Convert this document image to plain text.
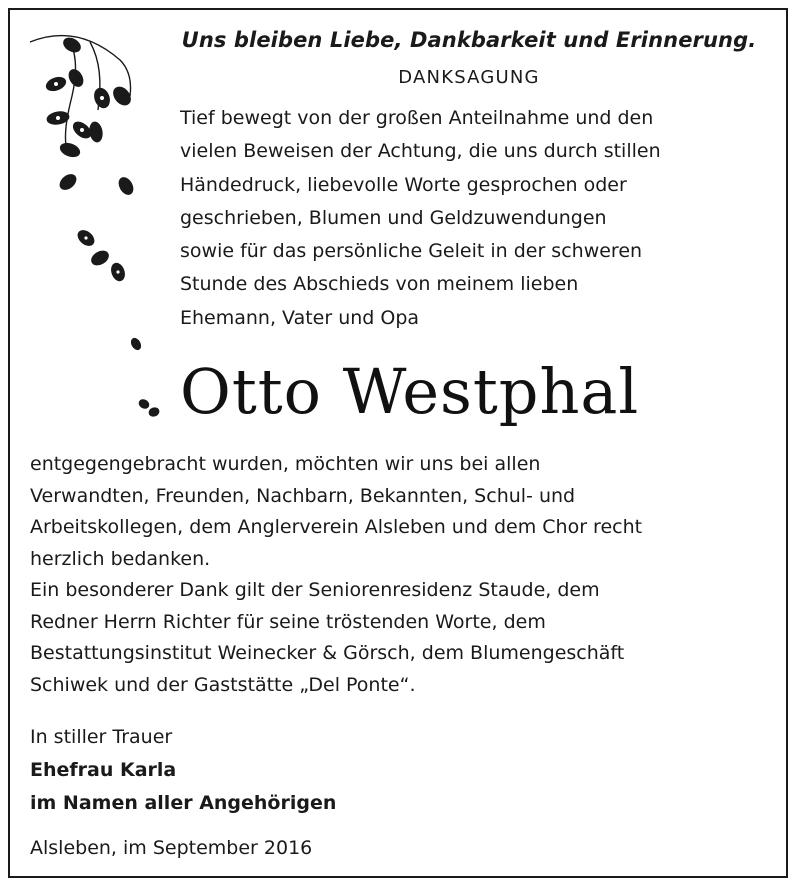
Uns bleiben Liebe, Dankbarkeit und Erinnerung.
DANKSAGUNG

Tief bewegt von der großen Anteilnahme und den
vielen Beweisen der Achtung, die uns durch stillen
Händedruck, liebevolle Worte gesprochen oder
geschrieben, Blumen und Geldzuwendungen
sowie für das persönliche Geleit in der schweren
Stunde des Abschieds von meinem lieben
Ehemann, Vater und Opa

Otto Westphal

entgegengebracht wurden, möchten wir uns bei allen
Verwandten, Freunden, Nachbarn, Bekannten, Schul- und
Arbeitskollegen, dem Anglerverein Alsleben und dem Chor recht
herzlich bedanken.

Ein besonderer Dank gilt der Seniorenresidenz Staude, dem
Redner Herrn Richter für seine tröstenden Worte, dem
Bestattungsinstitut Weinecker & Görsch, dem Blumengeschäft
Schiwek und der Gaststätte „Del Ponte“.

In stiller Trauer
Ehefrau Karla
im Namen aller Angehörigen
Alsleben, im September 2016
